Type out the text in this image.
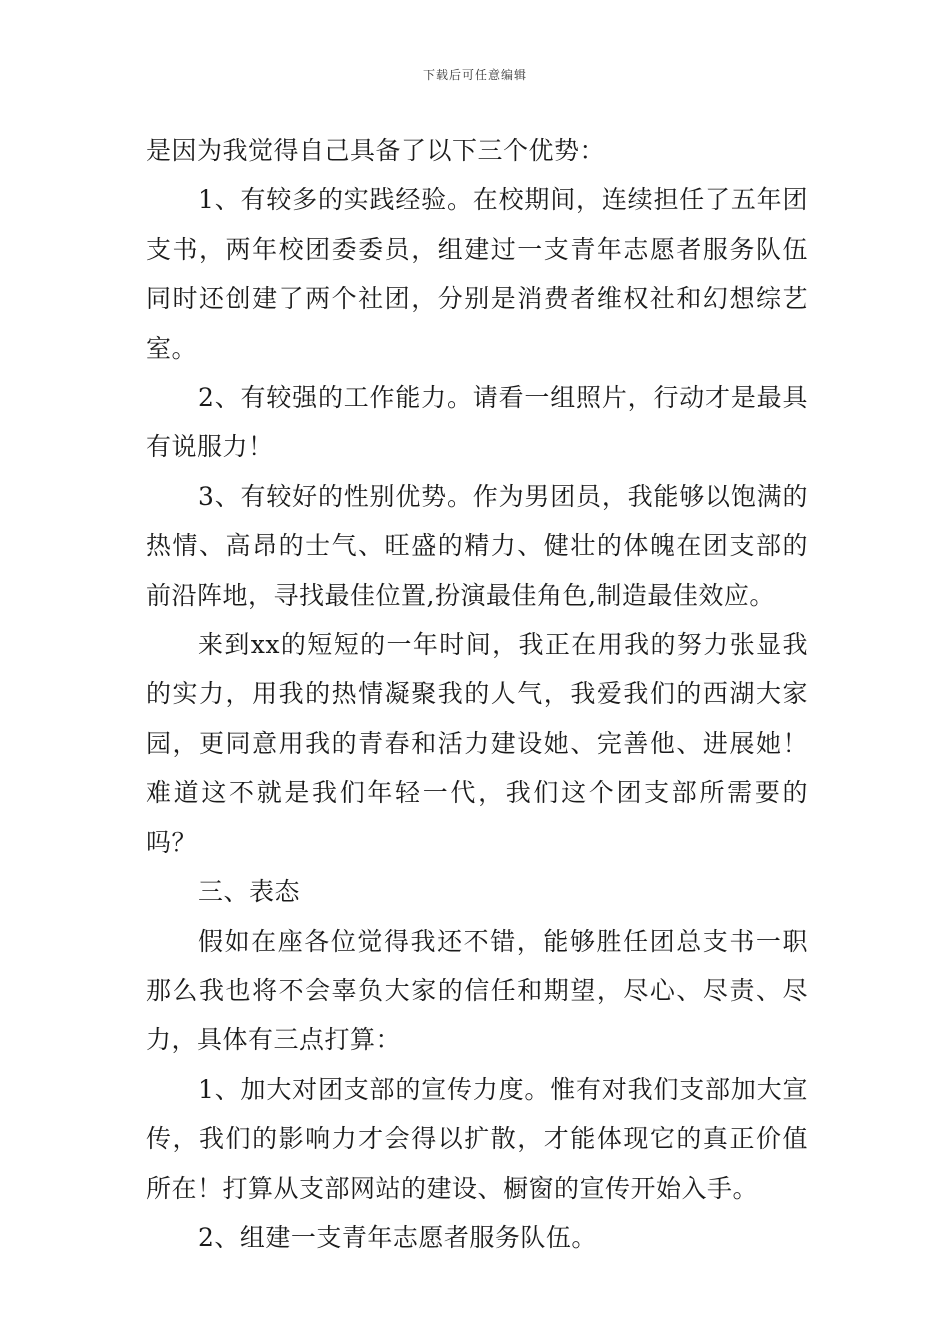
下载后可任意编辑

是因为我觉得自己具备了以下三个优势：

1、有较多的实践经验。在校期间，连续担任了五年团支书，两年校团委委员，组建过一支青年志愿者服务队伍同时还创建了两个社团，分别是消费者维权社和幻想综艺室。

2、有较强的工作能力。请看一组照片，行动才是最具有说服力！

3、有较好的性别优势。作为男团员，我能够以饱满的热情、高昂的士气、旺盛的精力、健壮的体魄在团支部的前沿阵地，寻找最佳位置,扮演最佳角色,制造最佳效应。

来到xx的短短的一年时间，我正在用我的努力张显我的实力，用我的热情凝聚我的人气，我爱我们的西湖大家园，更同意用我的青春和活力建设她、完善他、进展她！难道这不就是我们年轻一代，我们这个团支部所需要的吗？

三、表态

假如在座各位觉得我还不错，能够胜任团总支书一职那么我也将不会辜负大家的信任和期望，尽心、尽责、尽力，具体有三点打算：

1、加大对团支部的宣传力度。惟有对我们支部加大宣传，我们的影响力才会得以扩散，才能体现它的真正价值所在！打算从支部网站的建设、橱窗的宣传开始入手。

2、组建一支青年志愿者服务队伍。
